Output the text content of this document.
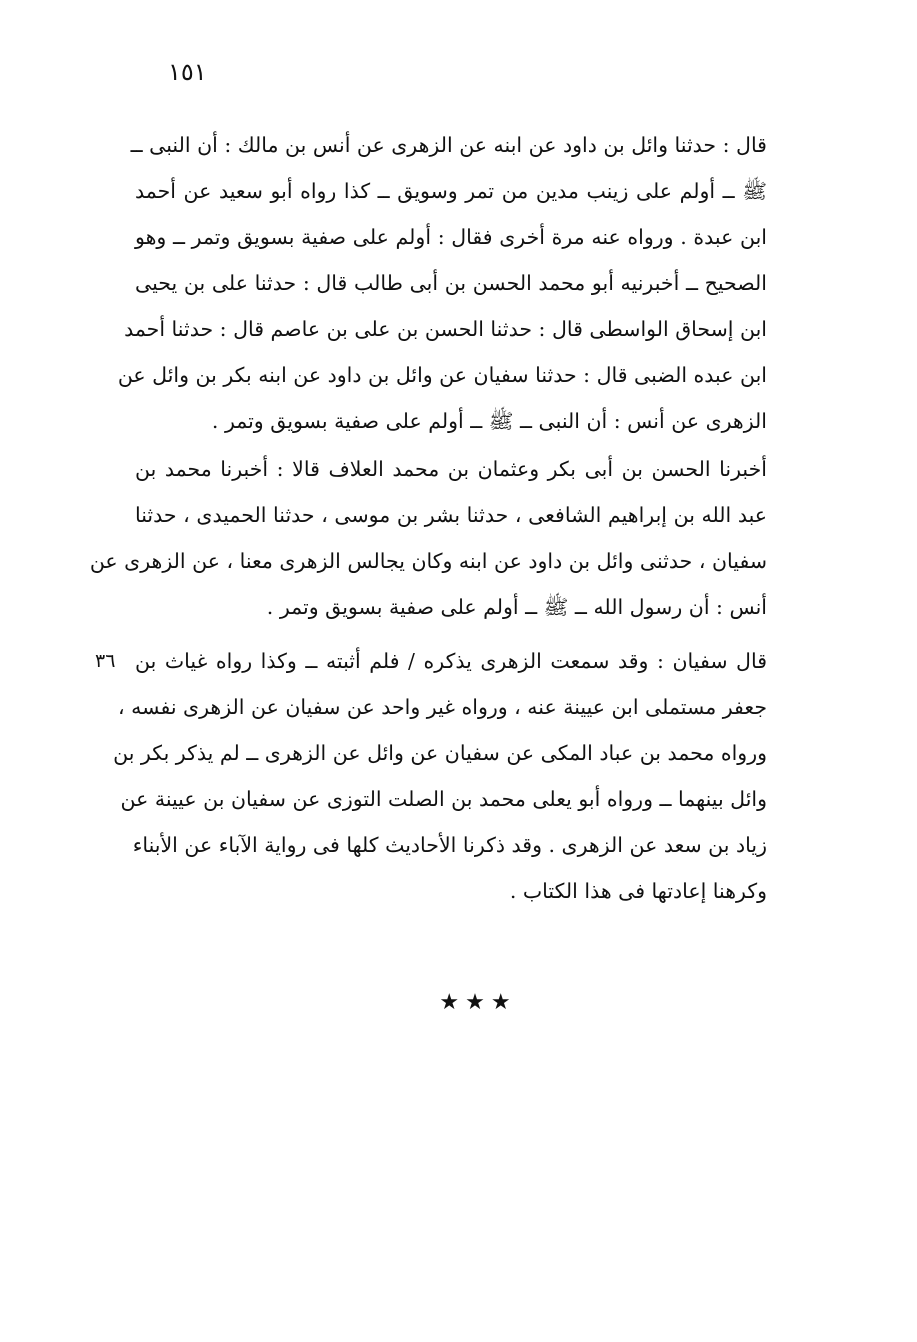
١٥١
قال : حدثنا وائل بن داود عن ابنه عن الزهرى عن أنس بن مالك : أن النبى ــ
ﷺ ــ أولم على زينب مدين من تمر وسويق ــ كذا رواه أبو سعيد عن أحمد
ابن عبدة . ورواه عنه مرة أخرى فقال : أولم على صفية بسويق وتمر ــ وهو
الصحيح ــ أخبرنيه أبو محمد الحسن بن أبى طالب قال : حدثنا على بن يحيى
ابن إسحاق الواسطى قال : حدثنا الحسن بن على بن عاصم قال : حدثنا أحمد
ابن عبده الضبى قال : حدثنا سفيان عن وائل بن داود عن ابنه بكر بن وائل عن
الزهرى عن أنس : أن النبى ــ ﷺ ــ أولم على صفية بسويق وتمر .
أخبرنا الحسن بن أبى بكر وعثمان بن محمد العلاف قالا : أخبرنا محمد بن
عبد الله بن إبراهيم الشافعى ، حدثنا بشر بن موسى ، حدثنا الحميدى ، حدثنا
سفيان ، حدثنى وائل بن داود عن ابنه وكان يجالس الزهرى معنا ، عن الزهرى عن
أنس : أن رسول الله ــ ﷺ ــ أولم على صفية بسويق وتمر .
٣٦ قال سفيان : وقد سمعت الزهرى يذكره / فلم أثبته ــ وكذا رواه غياث بن
جعفر مستملى ابن عيينة عنه ، ورواه غير واحد عن سفيان عن الزهرى نفسه ،
ورواه محمد بن عباد المكى عن سفيان عن وائل عن الزهرى ــ لم يذكر بكر بن
وائل بينهما ــ ورواه أبو يعلى محمد بن الصلت التوزى عن سفيان بن عيينة عن
زياد بن سعد عن الزهرى . وقد ذكرنا الأحاديث كلها فى رواية الآباء عن الأبناء
وكرهنا إعادتها فى هذا الكتاب .
★★★
